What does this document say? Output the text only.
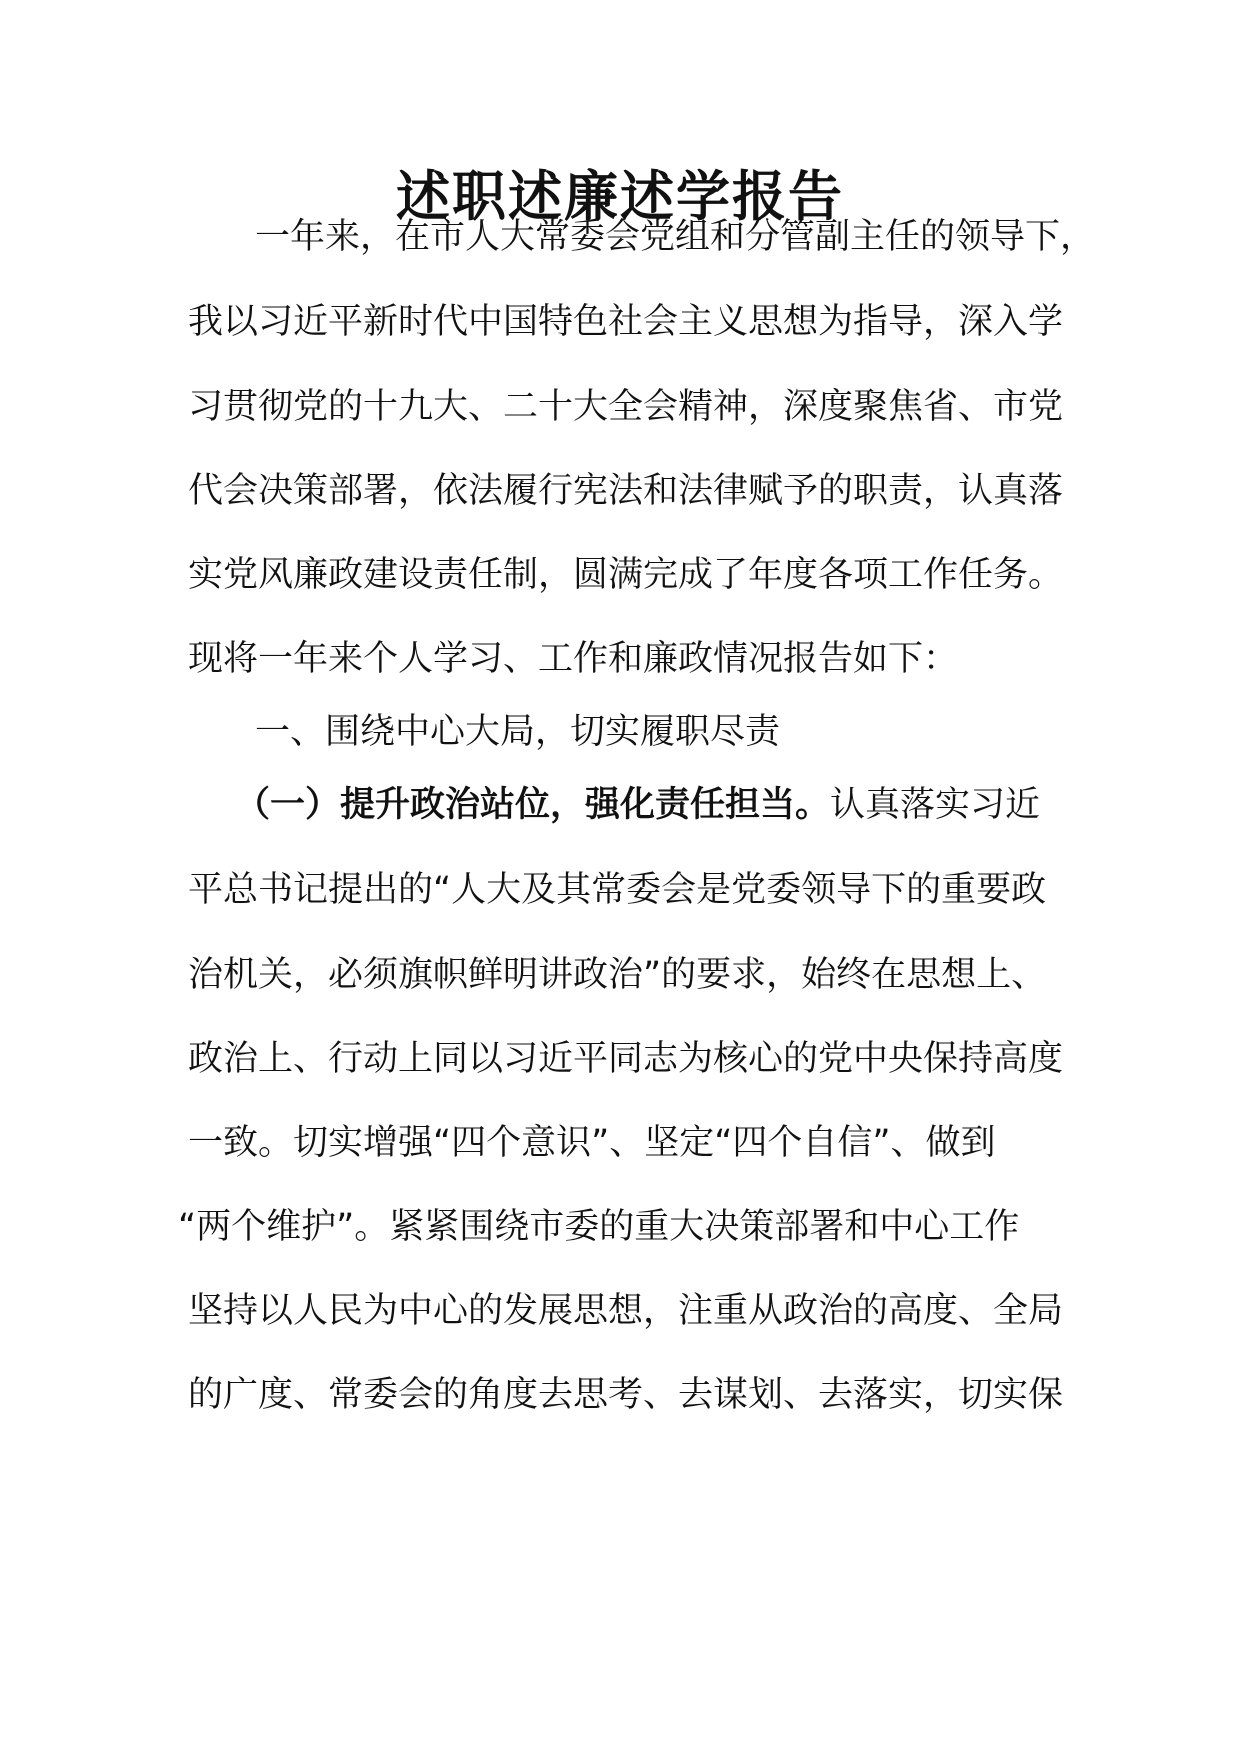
述职述廉述学报告
一年来，在市人大常委会党组和分管副主任的领导下，
我以习近平新时代中国特色社会主义思想为指导，深入学
习贯彻党的十九大、二十大全会精神，深度聚焦省、市党
代会决策部署，依法履行宪法和法律赋予的职责，认真落
实党风廉政建设责任制，圆满完成了年度各项工作任务。
现将一年来个人学习、工作和廉政情况报告如下：
一、围绕中心大局，切实履职尽责
（一）提升政治站位，强化责任担当。认真落实习近
平总书记提出的“人大及其常委会是党委领导下的重要政
治机关，必须旗帜鲜明讲政治”的要求，始终在思想上、
政治上、行动上同以习近平同志为核心的党中央保持高度
一致。切实增强“四个意识”、坚定“四个自信”、做到
“两个维护”。紧紧围绕市委的重大决策部署和中心工作
坚持以人民为中心的发展思想，注重从政治的高度、全局
的广度、常委会的角度去思考、去谋划、去落实，切实保
